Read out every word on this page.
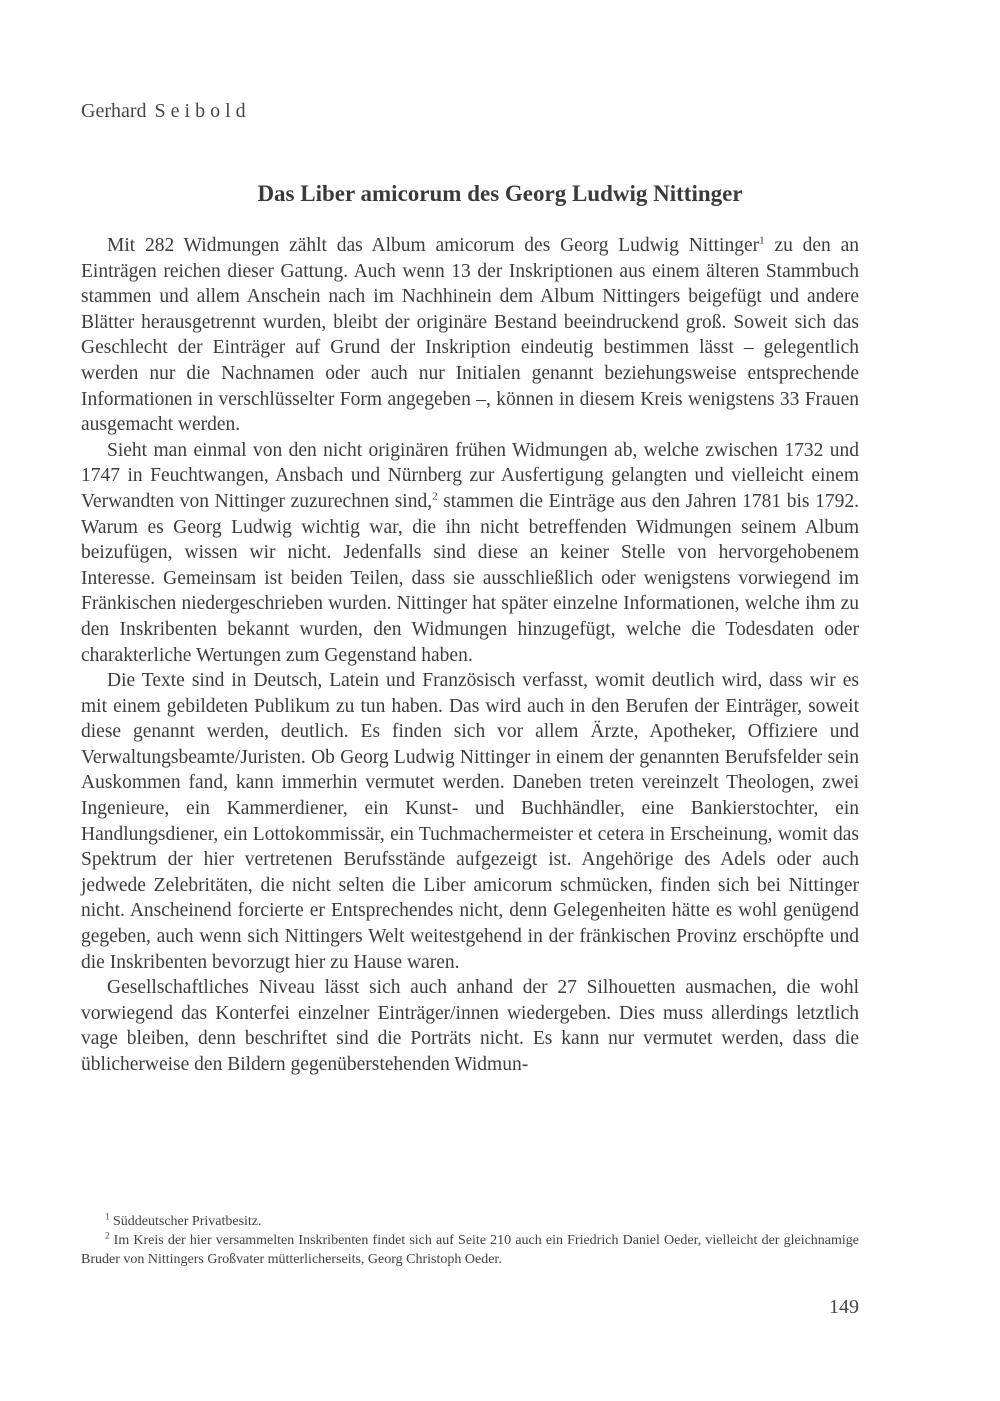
Gerhard Seibold
Das Liber amicorum des Georg Ludwig Nittinger

Mit 282 Widmungen zählt das Album amicorum des Georg Ludwig Nittinger$^1$ zu den an Einträgen reichen dieser Gattung. Auch wenn 13 der Inskriptionen aus einem älteren Stammbuch stammen und allem Anschein nach im Nachhinein dem Album Nittingers beigefügt und andere Blätter herausgetrennt wurden, bleibt der originäre Bestand beeindruckend groß. Soweit sich das Geschlecht der Einträger auf Grund der Inskription eindeutig bestimmen lässt – gelegentlich werden nur die Nachnamen oder auch nur Initialen genannt beziehungsweise entsprechende Informationen in verschlüsselter Form angegeben –, können in diesem Kreis wenigstens 33 Frauen ausgemacht werden.

Sieht man einmal von den nicht originären frühen Widmungen ab, welche zwischen 1732 und 1747 in Feuchtwangen, Ansbach und Nürnberg zur Ausfertigung gelangten und vielleicht einem Verwandten von Nittinger zuzurechnen sind,$^2$ stammen die Einträge aus den Jahren 1781 bis 1792. Warum es Georg Ludwig wichtig war, die ihn nicht betreffenden Widmungen seinem Album beizufügen, wissen wir nicht. Jedenfalls sind diese an keiner Stelle von hervorgehobenem Interesse. Gemeinsam ist beiden Teilen, dass sie ausschließlich oder wenigstens vorwiegend im Fränkischen niedergeschrieben wurden. Nittinger hat später einzelne Informationen, welche ihm zu den Inskribenten bekannt wurden, den Widmungen hinzugefügt, welche die Todesdaten oder charakterliche Wertungen zum Gegenstand haben.

Die Texte sind in Deutsch, Latein und Französisch verfasst, womit deutlich wird, dass wir es mit einem gebildeten Publikum zu tun haben. Das wird auch in den Berufen der Einträger, soweit diese genannt werden, deutlich. Es finden sich vor allem Ärzte, Apotheker, Offiziere und Verwaltungsbeamte/Juristen. Ob Georg Ludwig Nittinger in einem der genannten Berufsfelder sein Auskommen fand, kann immerhin vermutet werden. Daneben treten vereinzelt Theologen, zwei Ingenieure, ein Kammerdiener, ein Kunst- und Buchhändler, eine Bankierstochter, ein Handlungsdiener, ein Lottokommissär, ein Tuchmachermeister et cetera in Erscheinung, womit das Spektrum der hier vertretenen Berufsstände aufgezeigt ist. Angehörige des Adels oder auch jedwede Zelebritäten, die nicht selten die Liber amicorum schmücken, finden sich bei Nittinger nicht. Anscheinend forcierte er Entsprechendes nicht, denn Gelegenheiten hätte es wohl genügend gegeben, auch wenn sich Nittingers Welt weitestgehend in der fränkischen Provinz erschöpfte und die Inskribenten bevorzugt hier zu Hause waren.

Gesellschaftliches Niveau lässt sich auch anhand der 27 Silhouetten ausmachen, die wohl vorwiegend das Konterfei einzelner Einträger/innen wiedergeben. Dies muss allerdings letztlich vage bleiben, denn beschriftet sind die Porträts nicht. Es kann nur vermutet werden, dass die üblicherweise den Bildern gegenüberstehenden Widmun-

$^1$ Süddeutscher Privatbesitz.

$^2$ Im Kreis der hier versammelten Inskribenten findet sich auf Seite 210 auch ein Friedrich Daniel Oeder, vielleicht der gleichnamige Bruder von Nittingers Großvater mütterlicherseits, Georg Christoph Oeder.

149
